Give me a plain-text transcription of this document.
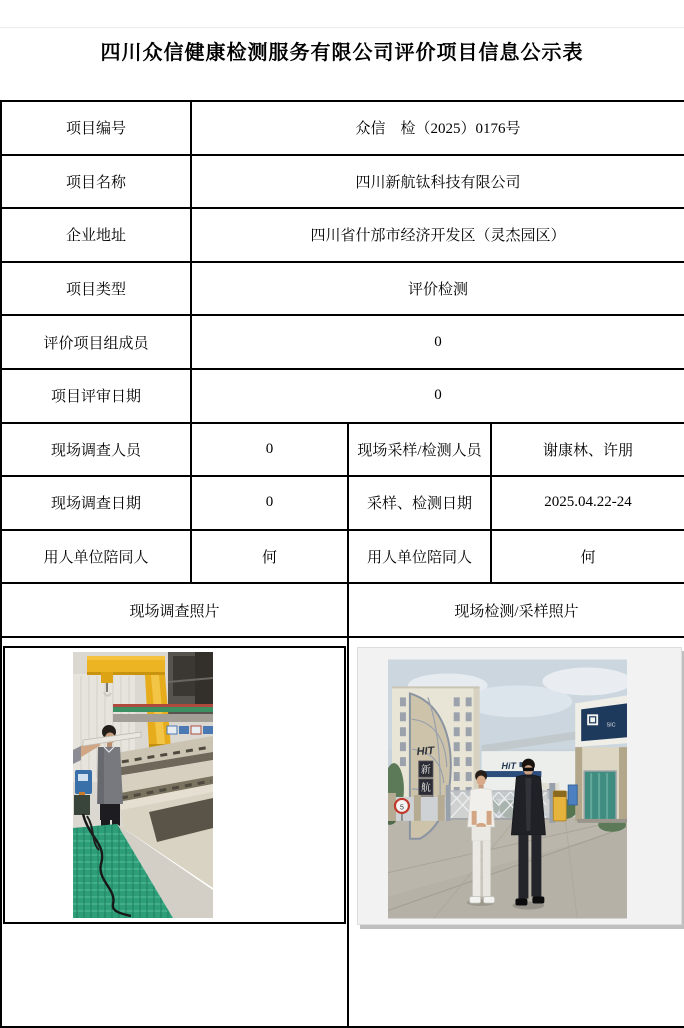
四川众信健康检测服务有限公司评价项目信息公示表
项目编号	众信　检（2025）0176号		
项目名称	四川新航钛科技有限公司		
企业地址	四川省什邡市经济开发区（灵杰园区）		
项目类型	评价检测		
评价项目组成员	0		
项目评审日期	0		
现场调查人员	0	现场采样/检测人员	谢康林、许朋
现场调查日期	0	采样、检测日期	2025.04.22-24
用人单位陪同人	何	用人单位陪同人	何
现场调查照片		现场检测/采样照片	

HIT
新
航
HiT
SIC
5
